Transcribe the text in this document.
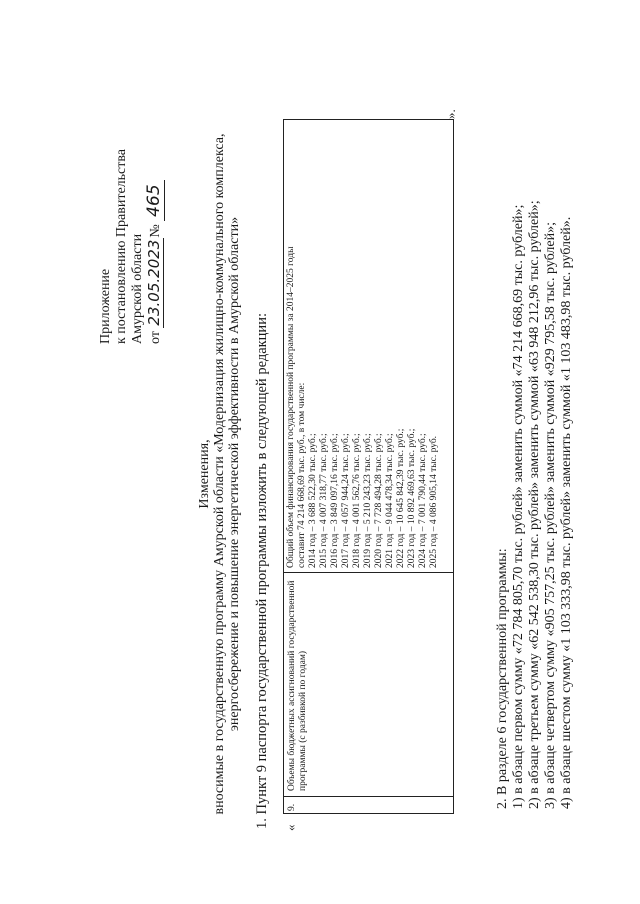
Приложение к постановлению Правительства Амурской области от 23.05.2023№ 465
Изменения, вносимые в государственную программу Амурской области «Модернизация жилищно-коммунального комплекса, энергосбережение и повышение энергетической эффективности в Амурской области» 1. Пункт 9 паспорта государственной программы изложить в следующей редакции: «
9.
Объемы бюджетных ассигнований государственной программы (с разбивкой по годам)
Общий объем финансирования государственной программы за 2014–2025 годы составит 74 214 668,69 тыс. руб., в том числе: 2014 год – 3 688 522,30 тыс. руб.; 2015 год – 4 007 318,77 тыс. руб.; 2016 год – 3 849 097,16 тыс. руб.; 2017 год – 4 057 944,24 тыс. руб.; 2018 год – 4 001 562,76 тыс. руб.; 2019 год – 5 210 243,23 тыс. руб.; 2020 год – 7 728 494,28 тыс. руб.; 2021 год – 9 044 478,34 тыс. руб.; 2022 год – 10 645 842,39 тыс. руб.; 2023 год – 10 892 469,63 тыс. руб.; 2024 год – 7 001 790,44 тыс. руб.; 2025 год – 4 086 905,14 тыс. руб.
».
2. В разделе 6 государственной программы: 1) в абзаце первом сумму «72 784 805,70 тыс. рублей» заменить суммой «74 214 668,69 тыс. рублей»; 2) в абзаце третьем сумму «62 542 538,30 тыс. рублей» заменить суммой «63 948 212,96 тыс. рублей»; 3) в абзаце четвертом сумму «905 757,25 тыс. рублей» заменить суммой «929 795,58 тыс. рублей»; 4) в абзаце шестом сумму «1 103 333,98 тыс. рублей» заменить суммой «1 103 483,98 тыс. рублей».
